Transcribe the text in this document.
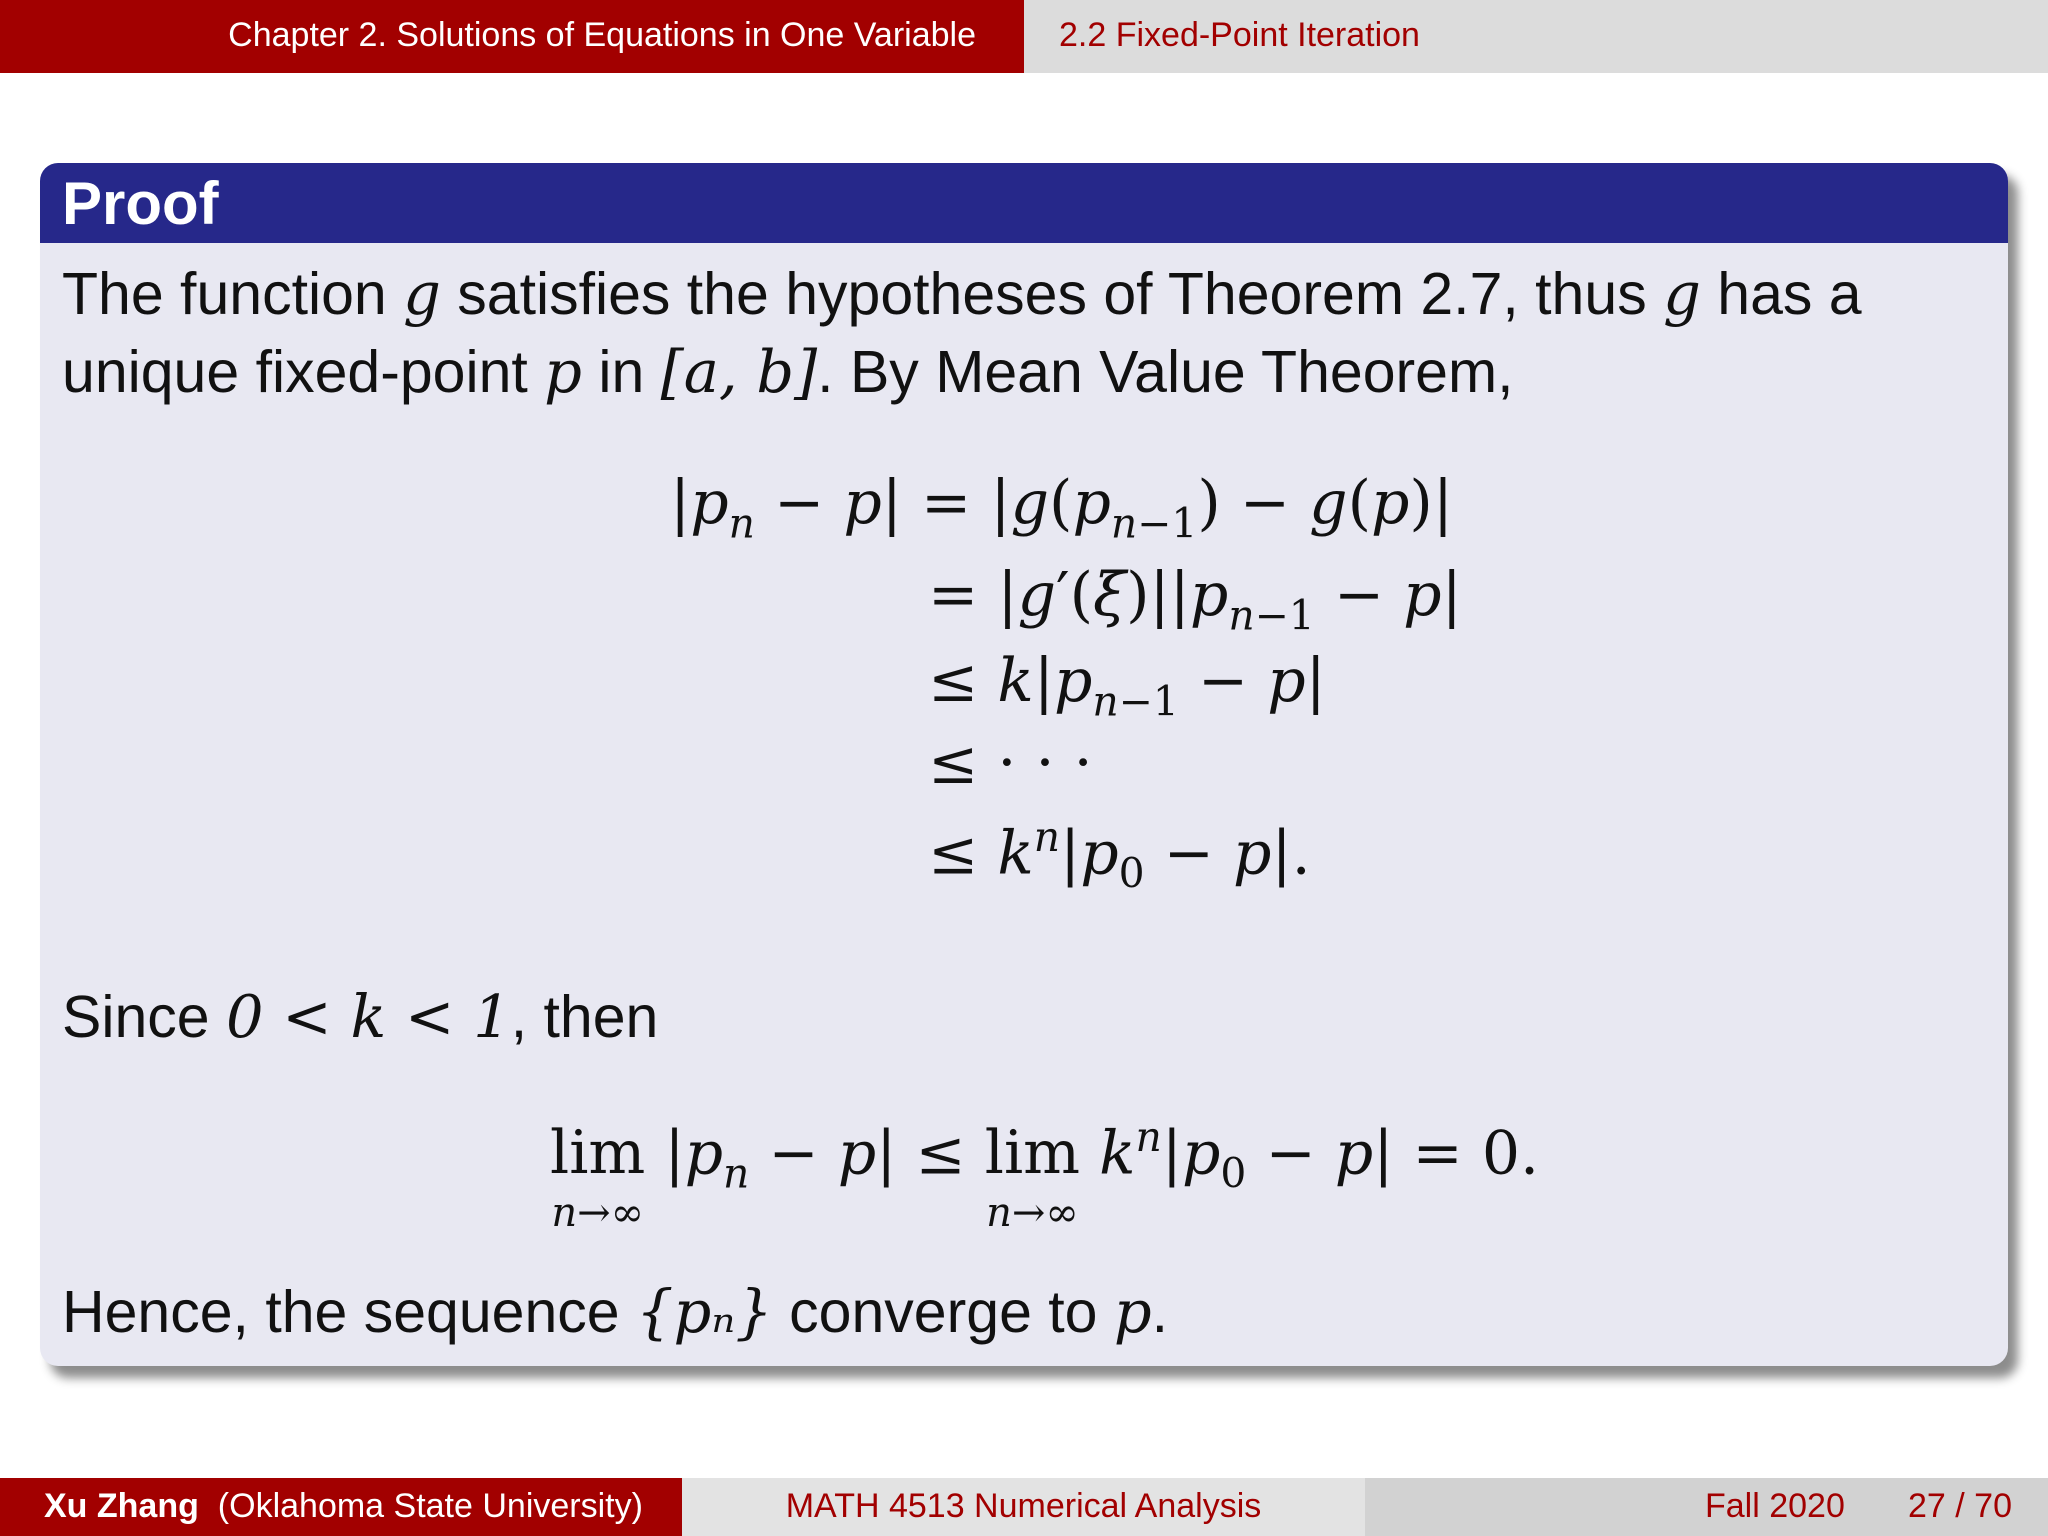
Chapter 2. Solutions of Equations in One Variable	2.2 Fixed-Point Iteration
Proof
The function g satisfies the hypotheses of Theorem 2.7, thus g has a
unique fixed-point p in [a, b]. By Mean Value Theorem,
$|p_n - p| = |g(p_{n-1}) - g(p)|$
= $|g'(\xi)||p_{n-1} - p|$
≤ $k|p_{n-1} - p|$
≤ · · ·
≤ $k^n|p_0 - p|$.
Since 0 < k < 1, then
lim
n→∞
$|p_n - p| \le \lim$
n→∞
$k^n|p_0 - p| = 0$.
Hence, the sequence {pₙ} converge to p.
Xu Zhang (Oklahoma State University)	MATH 4513 Numerical Analysis	Fall 2020 27 / 70
